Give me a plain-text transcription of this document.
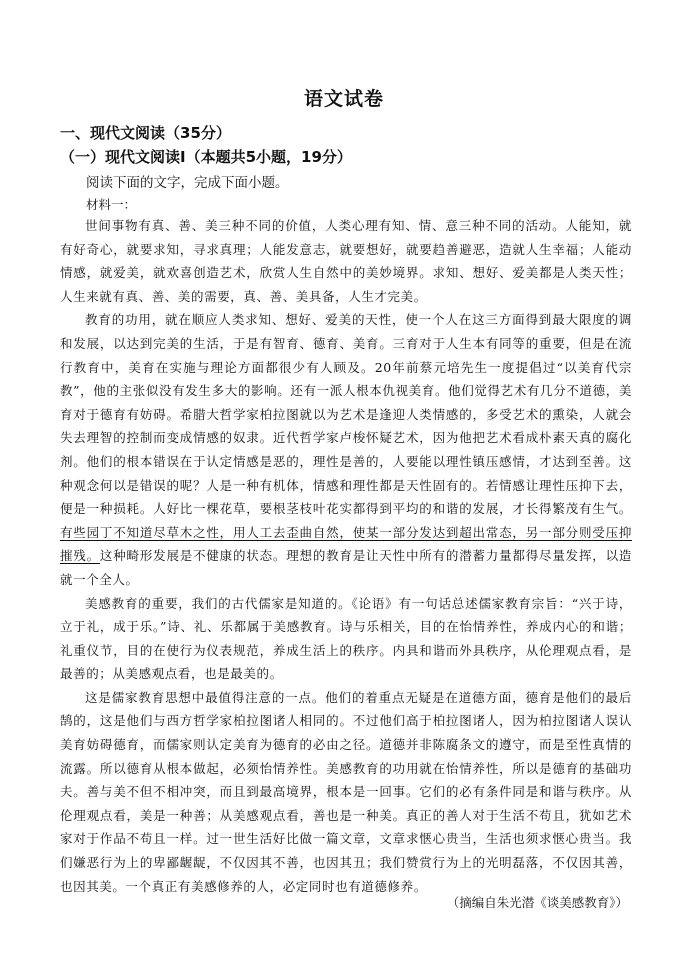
语文试卷
一、现代文阅读（35分）
（一）现代文阅读Ⅰ（本题共5小题，19分）
阅读下面的文字，完成下面小题。
材料一：

世间事物有真、善、美三种不同的价值，人类心理有知、情、意三种不同的活动。人能知，就有好奇心，就要求知，寻求真理；人能发意志，就要想好，就要趋善避恶，造就人生幸福；人能动情感，就爱美，就欢喜创造艺术，欣赏人生自然中的美妙境界。求知、想好、爱美都是人类天性；人生来就有真、善、美的需要，真、善、美具备，人生才完美。

教育的功用，就在顺应人类求知、想好、爱美的天性，使一个人在这三方面得到最大限度的调和发展，以达到完美的生活，于是有智育、德育、美育。三育对于人生本有同等的重要，但是在流行教育中，美育在实施与理论方面都很少有人顾及。20年前蔡元培先生一度提倡过“以美育代宗教”，他的主张似没有发生多大的影响。还有一派人根本仇视美育。他们觉得艺术有几分不道德，美育对于德育有妨碍。希腊大哲学家柏拉图就以为艺术是逢迎人类情感的，多受艺术的熏染，人就会失去理智的控制而变成情感的奴隶。近代哲学家卢梭怀疑艺术，因为他把艺术看成朴素天真的腐化剂。他们的根本错误在于认定情感是恶的，理性是善的，人要能以理性镇压感情，才达到至善。这种观念何以是错误的呢？人是一种有机体，情感和理性都是天性固有的。若情感让理性压抑下去，便是一种损耗。人好比一棵花草，要根茎枝叶花实都得到平均的和谐的发展，才长得繁茂有生气。有些园丁不知道尽草木之性，用人工去歪曲自然，使某一部分发达到超出常态，另一部分则受压抑摧残。这种畸形发展是不健康的状态。理想的教育是让天性中所有的潜蓄力量都得尽量发挥，以造就一个全人。

美感教育的重要，我们的古代儒家是知道的。《论语》有一句话总述儒家教育宗旨：“兴于诗，立于礼，成于乐。”诗、礼、乐都属于美感教育。诗与乐相关，目的在怡情养性，养成内心的和谐；礼重仪节，目的在使行为仪表规范，养成生活上的秩序。内具和谐而外具秩序，从伦理观点看，是最善的；从美感观点看，也是最美的。

这是儒家教育思想中最值得注意的一点。他们的着重点无疑是在道德方面，德育是他们的最后鹄的，这是他们与西方哲学家柏拉图诸人相同的。不过他们高于柏拉图诸人，因为柏拉图诸人误认美育妨碍德育，而儒家则认定美育为德育的必由之径。道德并非陈腐条文的遵守，而是至性真情的流露。所以德育从根本做起，必须怡情养性。美感教育的功用就在怡情养性，所以是德育的基础功夫。善与美不但不相冲突，而且到最高境界，根本是一回事。它们的必有条件同是和谐与秩序。从伦理观点看，美是一种善；从美感观点看，善也是一种美。真正的善人对于生活不苟且，犹如艺术家对于作品不苟且一样。过一世生活好比做一篇文章，文章求惬心贵当，生活也须求惬心贵当。我们嫌恶行为上的卑鄙龌龊，不仅因其不善，也因其丑；我们赞赏行为上的光明磊落，不仅因其善，也因其美。一个真正有美感修养的人，必定同时也有道德修养。

（摘编自朱光潜《谈美感教育》）
